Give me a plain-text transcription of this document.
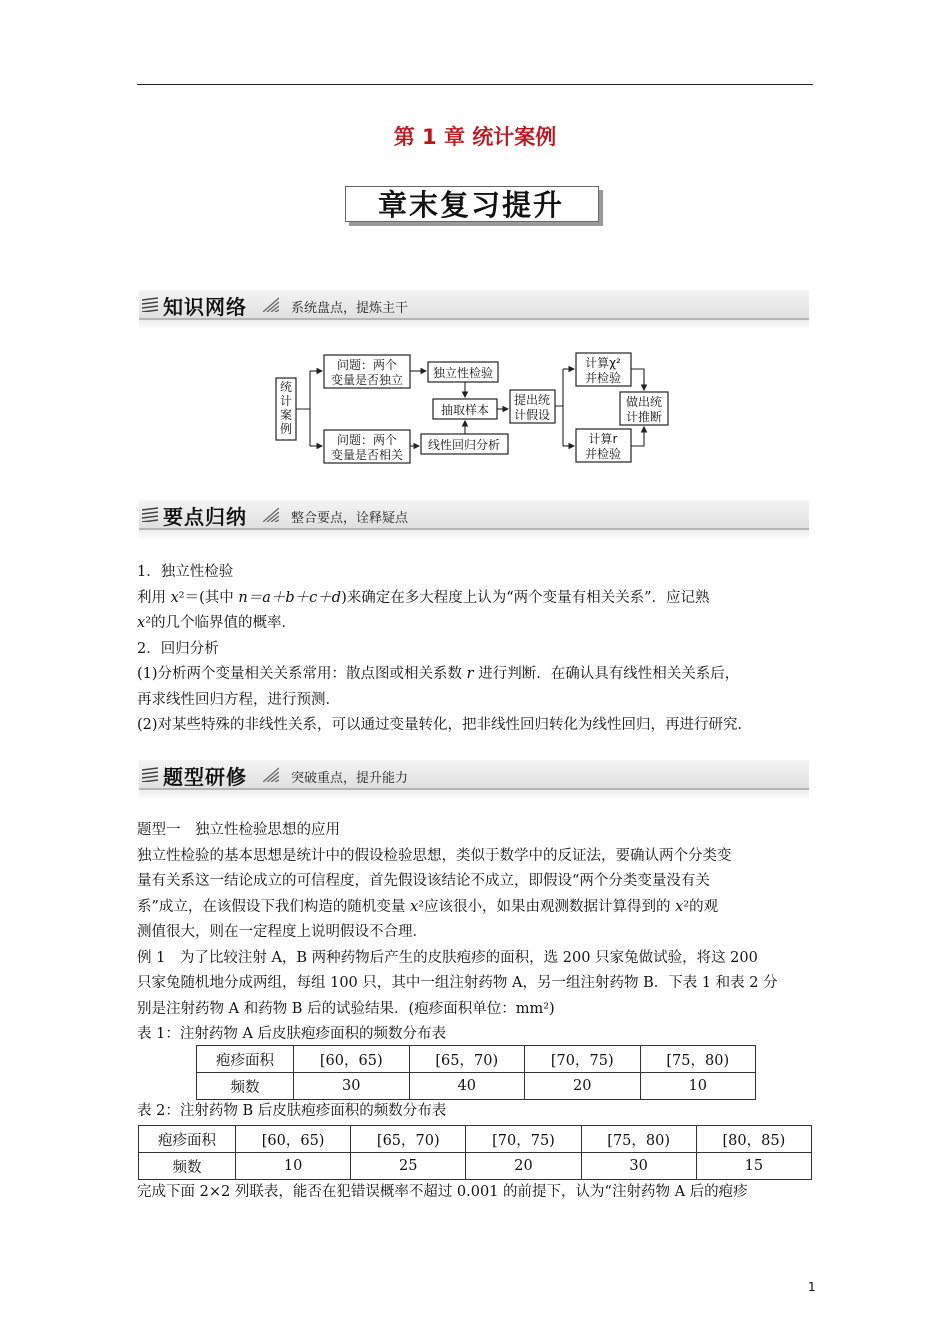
第 1 章 统计案例
章末复习提升
知识网络	系统盘点，提炼主干
统
计
案
例
问题：两个
变量是否独立
问题：两个
变量是否相关
独立性检验
抽取样本
线性回归分析
提出统
计假设
计算χ²
并检验
计算r
并检验
做出统
计推断
要点归纳	整合要点，诠释疑点

1．独立性检验

利用 x²＝(其中 n＝a＋b＋c＋d)来确定在多大程度上认为“两个变量有相关关系”．应记熟

x²的几个临界值的概率．

2．回归分析

(1)分析两个变量相关关系常用：散点图或相关系数 r 进行判断．在确认具有线性相关关系后，

再求线性回归方程，进行预测．

(2)对某些特殊的非线性关系，可以通过变量转化，把非线性回归转化为线性回归，再进行研究．

题型研修	突破重点，提升能力

题型一　独立性检验思想的应用

独立性检验的基本思想是统计中的假设检验思想，类似于数学中的反证法，要确认两个分类变

量有关系这一结论成立的可信程度，首先假设该结论不成立，即假设“两个分类变量没有关

系”成立，在该假设下我们构造的随机变量 x²应该很小，如果由观测数据计算得到的 x²的观

测值很大，则在一定程度上说明假设不合理．

例 1　为了比较注射 A，B 两种药物后产生的皮肤疱疹的面积，选 200 只家兔做试验，将这 200

只家兔随机地分成两组，每组 100 只，其中一组注射药物 A，另一组注射药物 B．下表 1 和表 2 分

别是注射药物 A 和药物 B 后的试验结果．(疱疹面积单位：mm²)

表 1：注射药物 A 后皮肤疱疹面积的频数分布表

疱疹面积	[60，65)	[65，70)	[70，75)	[75，80)
频数	30	40	20	10

表 2：注射药物 B 后皮肤疱疹面积的频数分布表

疱疹面积	[60，65)	[65，70)	[70，75)	[75，80)	[80，85)
频数	10	25	20	30	15

完成下面 2×2 列联表，能否在犯错误概率不超过 0.001 的前提下，认为“注射药物 A 后的疱疹

1
